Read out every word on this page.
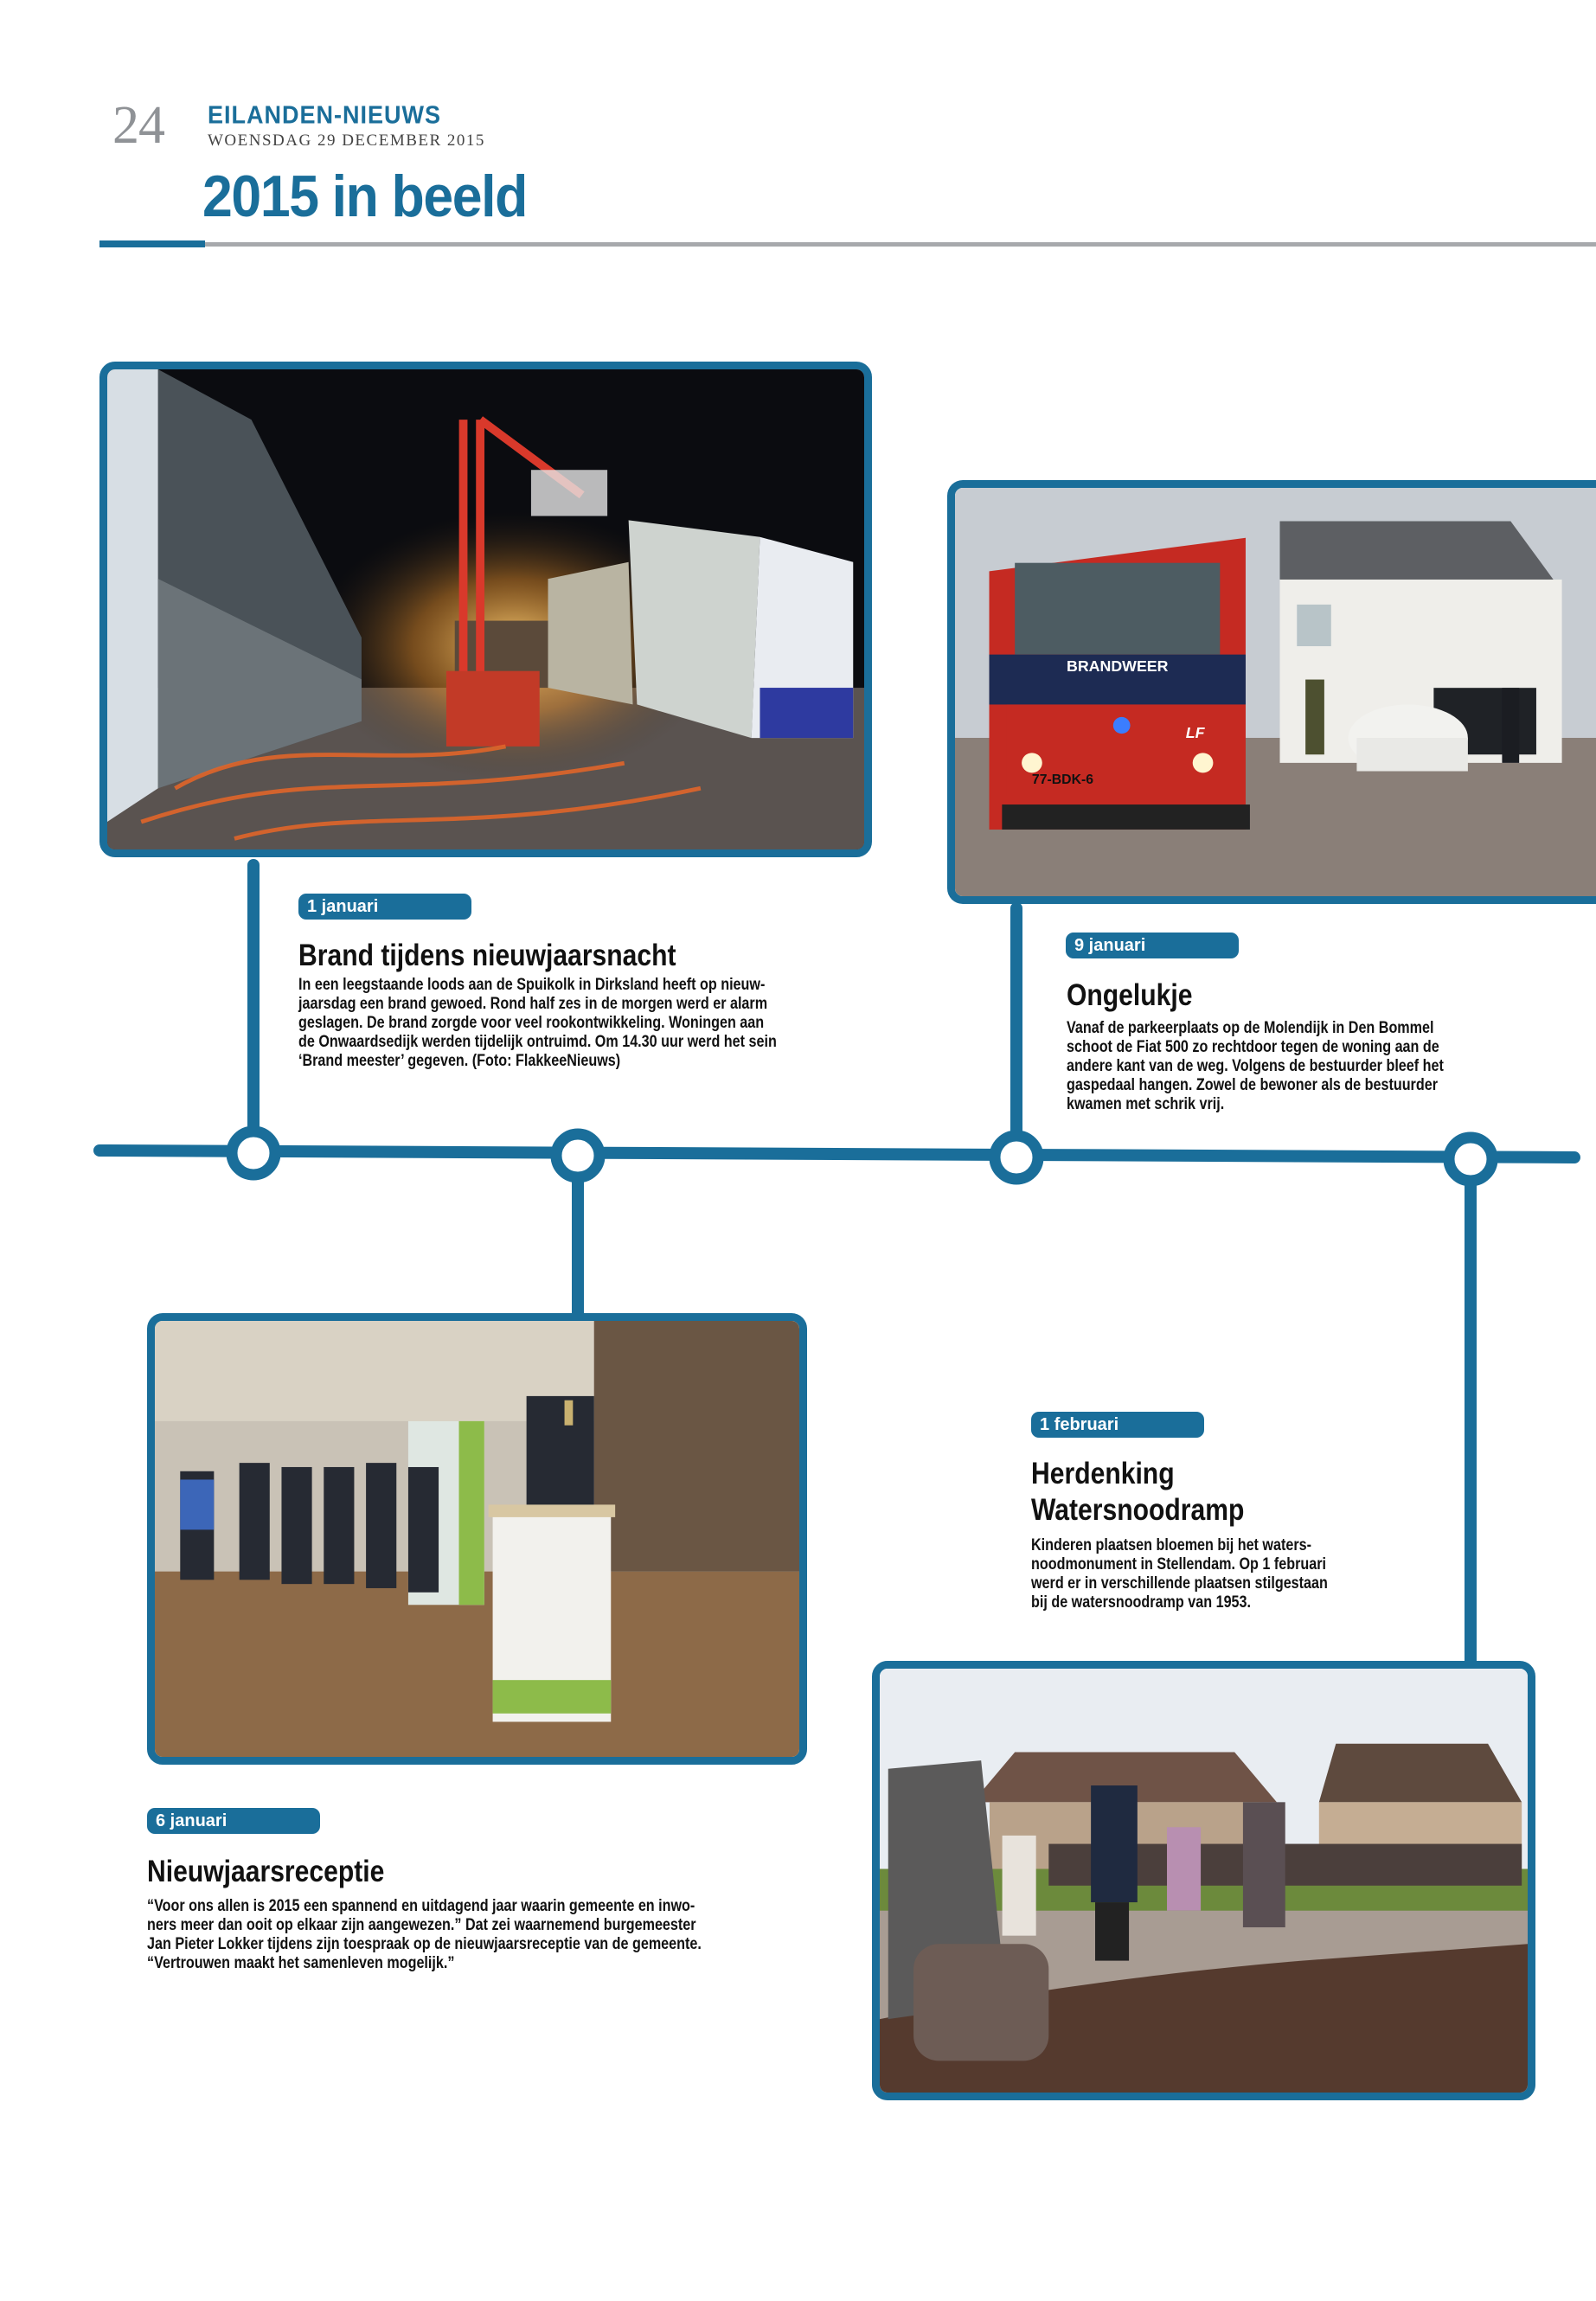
24 EILANDEN-NIEUWS
WOENSDAG 29 DECEMBER 2015
2015 in beeld
BRANDWEER
77-BDK-6
LF
1 januari
Brand tijdens nieuwjaarsnacht
In een leegstaande loods aan de Spuikolk in Dirksland heeft op nieuw-
jaarsdag een brand gewoed. Rond half zes in de morgen werd er alarm
geslagen. De brand zorgde voor veel rookontwikkeling. Woningen aan
de Onwaardsedijk werden tijdelijk ontruimd. Om 14.30 uur werd het sein
‘Brand meester’ gegeven. (Foto: FlakkeeNieuws)
9 januari
Ongelukje
Vanaf de parkeerplaats op de Molendijk in Den Bommel
schoot de Fiat 500 zo rechtdoor tegen de woning aan de
andere kant van de weg. Volgens de bestuurder bleef het
gaspedaal hangen. Zowel de bewoner als de bestuurder
kwamen met schrik vrij.
1 februari
Herdenking
Watersnoodramp
Kinderen plaatsen bloemen bij het waters-
noodmonument in Stellendam. Op 1 februari
werd er in verschillende plaatsen stilgestaan
bij de watersnoodramp van 1953.
6 januari
Nieuwjaarsreceptie
“Voor ons allen is 2015 een spannend en uitdagend jaar waarin gemeente en inwo-
ners meer dan ooit op elkaar zijn aangewezen.” Dat zei waarnemend burgemeester
Jan Pieter Lokker tijdens zijn toespraak op de nieuwjaarsreceptie van de gemeente.
“Vertrouwen maakt het samenleven mogelijk.”
